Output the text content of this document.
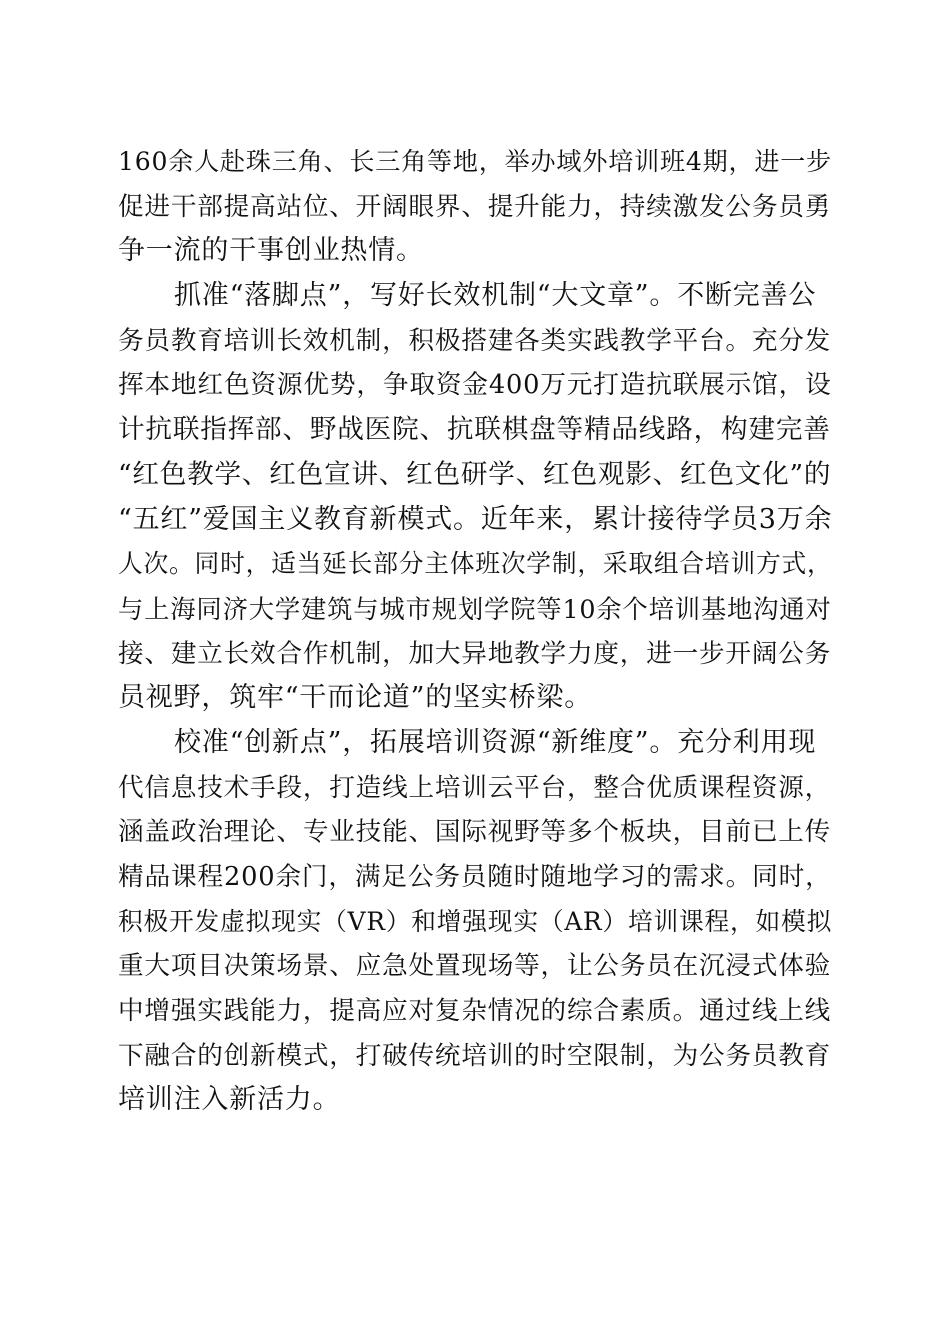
160余人赴珠三角、长三角等地，举办域外培训班4期，进一步
促进干部提高站位、开阔眼界、提升能力，持续激发公务员勇
争一流的干事创业热情。
抓准“落脚点”，写好长效机制“大文章”。不断完善公
务员教育培训长效机制，积极搭建各类实践教学平台。充分发
挥本地红色资源优势，争取资金400万元打造抗联展示馆，设
计抗联指挥部、野战医院、抗联棋盘等精品线路，构建完善
“红色教学、红色宣讲、红色研学、红色观影、红色文化”的
“五红”爱国主义教育新模式。近年来，累计接待学员3万余
人次。同时，适当延长部分主体班次学制，采取组合培训方式，
与上海同济大学建筑与城市规划学院等10余个培训基地沟通对
接、建立长效合作机制，加大异地教学力度，进一步开阔公务
员视野，筑牢“干而论道”的坚实桥梁。
校准“创新点”，拓展培训资源“新维度”。充分利用现
代信息技术手段，打造线上培训云平台，整合优质课程资源，
涵盖政治理论、专业技能、国际视野等多个板块，目前已上传
精品课程200余门，满足公务员随时随地学习的需求。同时，
积极开发虚拟现实（VR）和增强现实（AR）培训课程，如模拟
重大项目决策场景、应急处置现场等，让公务员在沉浸式体验
中增强实践能力，提高应对复杂情况的综合素质。通过线上线
下融合的创新模式，打破传统培训的时空限制，为公务员教育
培训注入新活力。
